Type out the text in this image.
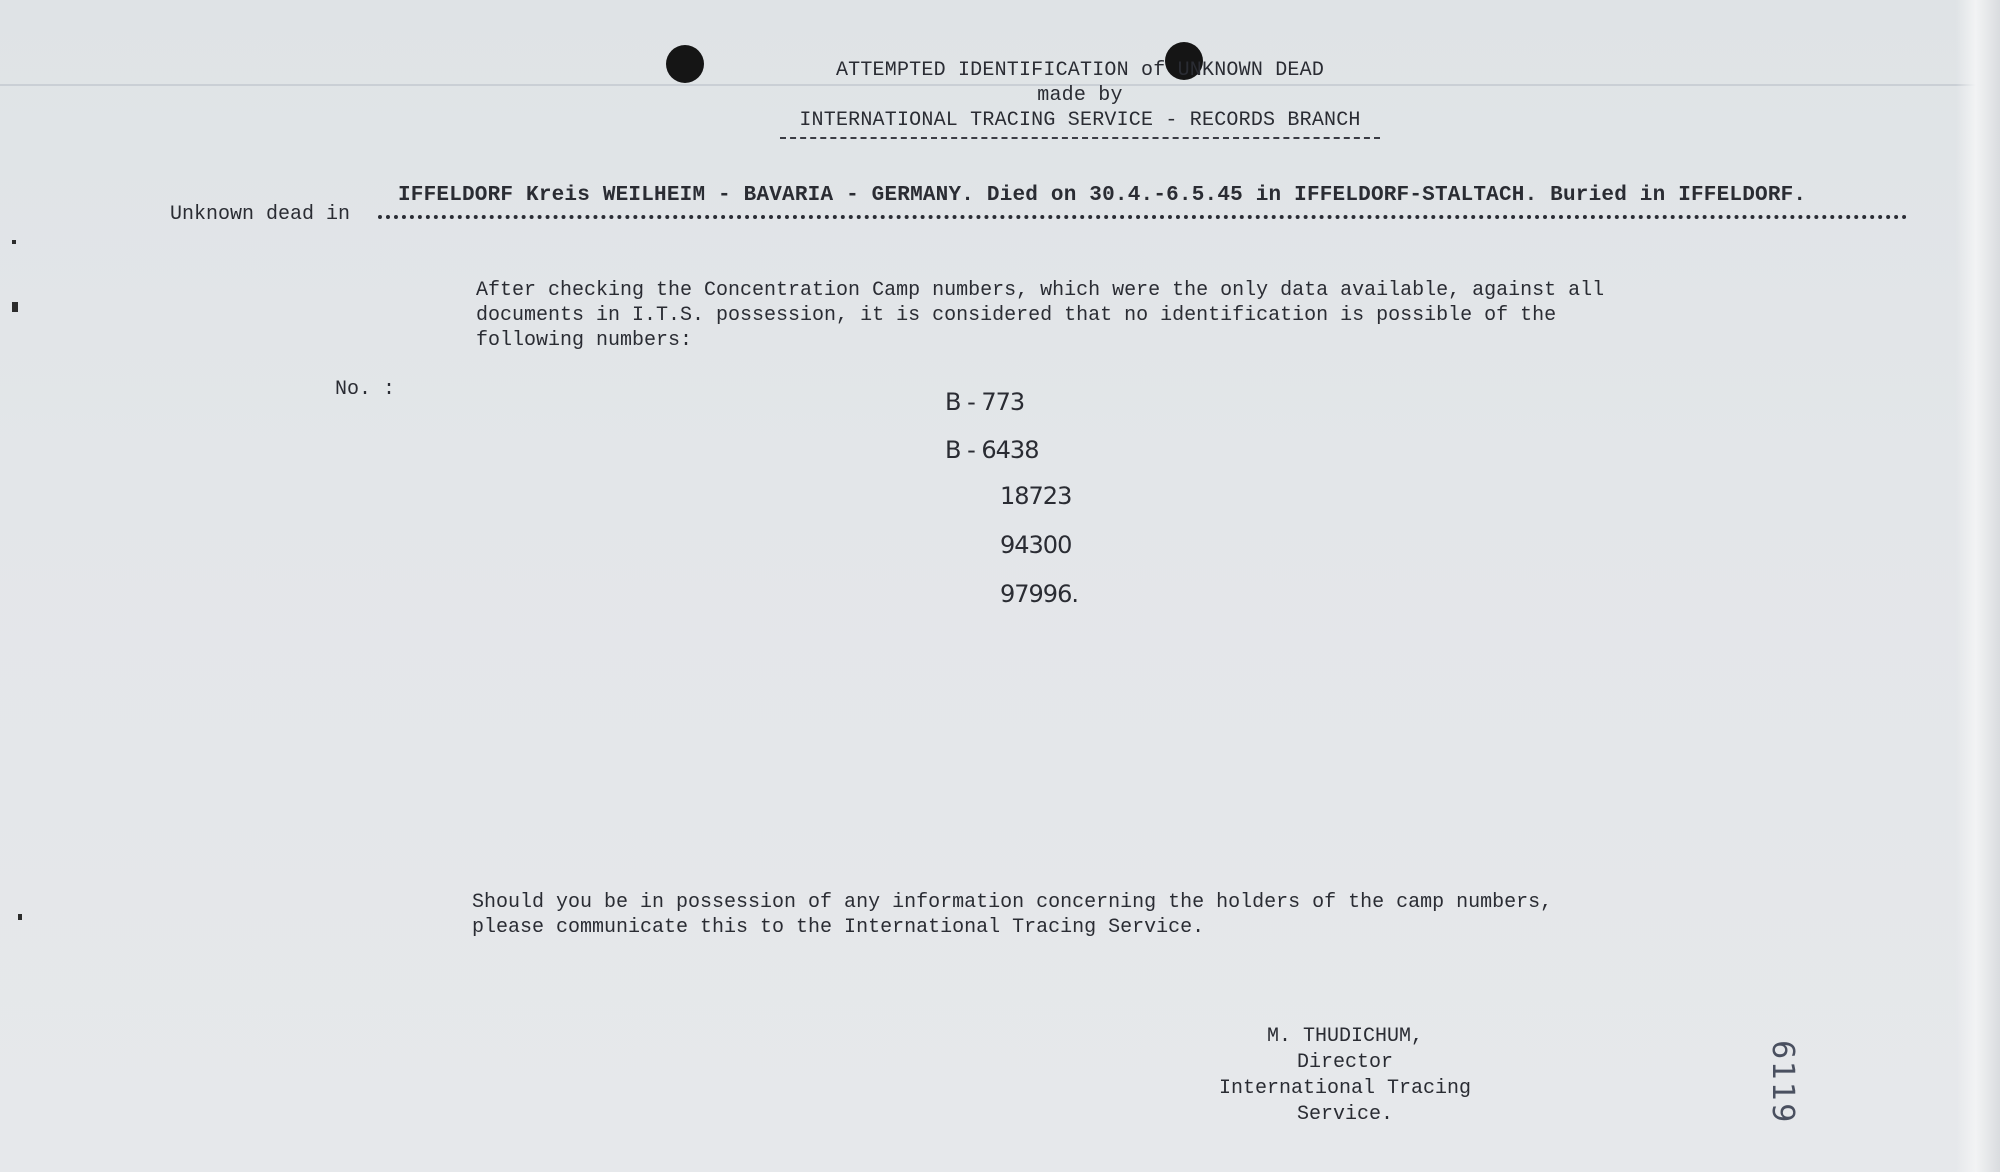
ATTEMPTED IDENTIFICATION of UNKNOWN DEAD
made by
INTERNATIONAL TRACING SERVICE - RECORDS BRANCH
Unknown dead in
IFFELDORF Kreis WEILHEIM - BAVARIA - GERMANY. Died on 30.4.-6.5.45 in IFFELDORF-STALTACH. Buried in IFFELDORF.
After checking the Concentration Camp numbers, which were the only data available, against all
documents in I.T.S. possession, it is considered that no identification is possible of the
following numbers:
No. :	B - 773
B - 6438
18723
94300
97996.
Should you be in possession of any information concerning the holders of the camp numbers,
please communicate this to the International Tracing Service.
M. THUDICHUM,
Director
International Tracing Service.	6119
